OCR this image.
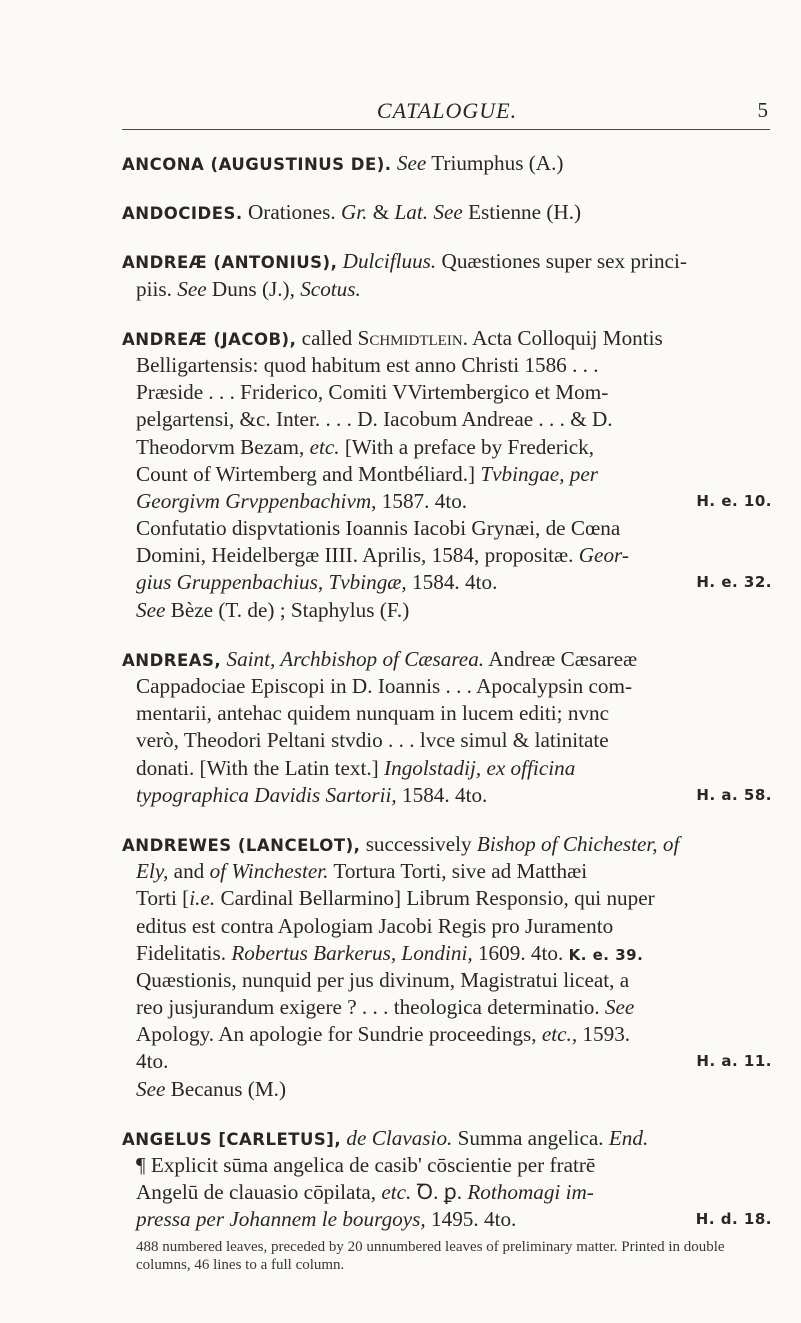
CATALOGUE.	5
ANCONA (AUGUSTINUS DE). See Triumphus (A.)
ANDOCIDES. Orationes. Gr. & Lat. See Estienne (H.)
ANDREÆ (ANTONIUS), Dulcifluus. Quæstiones super sex princi-
piis. See Duns (J.), Scotus.
ANDREÆ (JACOB), called Schmidtlein. Acta Colloquij Montis
Belligartensis: quod habitum est anno Christi 1586 . . .
Præside . . . Friderico, Comiti VVirtembergico et Mom-
pelgartensi, &c. Inter. . . . D. Iacobum Andreae . . . & D.
Theodorvm Bezam, etc. [With a preface by Frederick,
Count of Wirtemberg and Montbéliard.] Tvbingae, per
Georgivm Grvppenbachivm, 1587. 4to.	H. e. 10.
Confutatio dispvtationis Ioannis Iacobi Grynæi, de Cœna
Domini, Heidelbergæ IIII. Aprilis, 1584, propositæ. Geor-
gius Gruppenbachius, Tvbingæ, 1584. 4to.	H. e. 32.
See Bèze (T. de) ; Staphylus (F.)
ANDREAS, Saint, Archbishop of Cæsarea. Andreæ Cæsareæ
Cappadociae Episcopi in D. Ioannis . . . Apocalypsin com-
mentarii, antehac quidem nunquam in lucem editi; nvnc
verò, Theodori Peltani stvdio . . . lvce simul & latinitate
donati. [With the Latin text.] Ingolstadij, ex officina
typographica Davidis Sartorii, 1584. 4to.	H. a. 58.
ANDREWES (LANCELOT), successively Bishop of Chichester, of
Ely, and of Winchester. Tortura Torti, sive ad Matthæi
Torti [i.e. Cardinal Bellarmino] Librum Responsio, qui nuper
editus est contra Apologiam Jacobi Regis pro Juramento
Fidelitatis. Robertus Barkerus, Londini, 1609. 4to. K. e. 39.
Quæstionis, nunquid per jus divinum, Magistratui liceat, a
reo jusjurandum exigere ? . . . theologica determinatio. See
Apology. An apologie for Sundrie proceedings, etc., 1593.
4to.	H. a. 11.
See Becanus (M.)
ANGELUS [CARLETUS], de Clavasio. Summa angelica. End.
¶ Explicit sūma angelica de casib' cōscientie per fratrē
Angelū de clauasio cōpilata, etc. Ꝺ. ꝑ. Rothomagi im-
pressa per Johannem le bourgoys, 1495. 4to.	H. d. 18.
488 numbered leaves, preceded by 20 unnumbered leaves of preliminary matter. Printed in double columns, 46 lines to a full column.
